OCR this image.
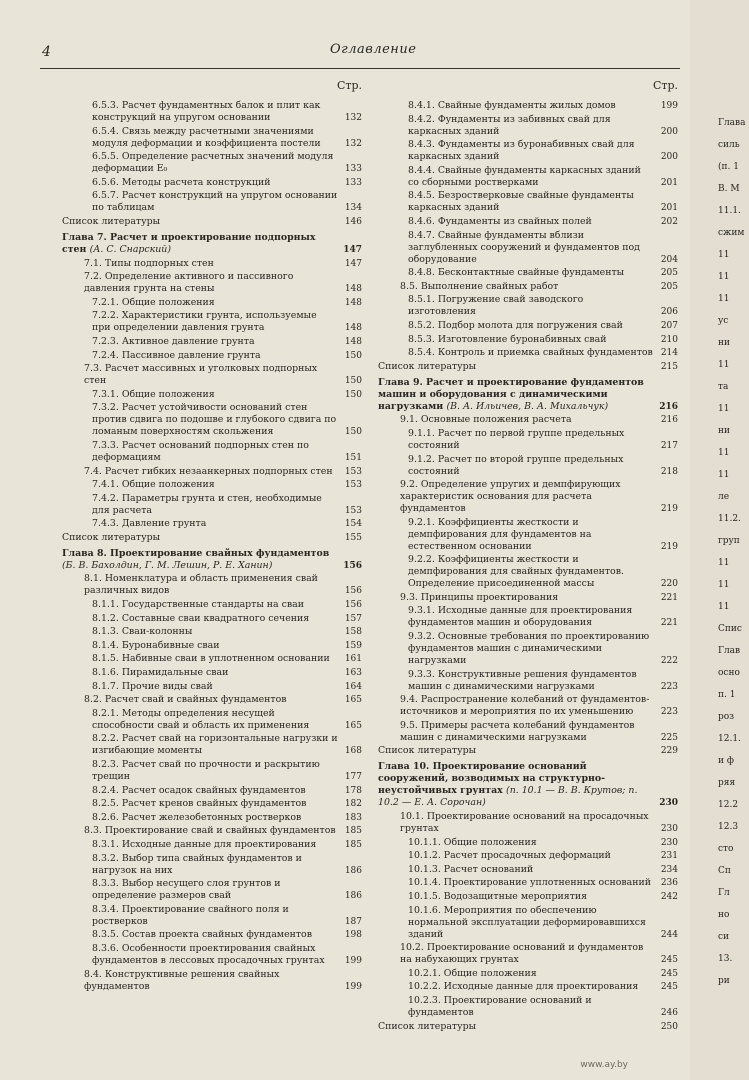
4	Оглавление
Стр.
6.5.3. Расчет фундаментных балок и плит как конструкций на упругом основании	132
6.5.4. Связь между расчетными значениями модуля деформации и коэффициента постели	132
6.5.5. Определение расчетных значений модуля деформации E₀	133
6.5.6. Методы расчета конструкций	133
6.5.7. Расчет конструкций на упругом основании по таблицам	134
Список литературы	146
Глава 7. Расчет и проектирование подпорных стен (А. С. Снарский)	147
7.1. Типы подпорных стен	147
7.2. Определение активного и пассивного давления грунта на стены	148
7.2.1. Общие положения	148
7.2.2. Характеристики грунта, используемые при определении давления грунта	148
7.2.3. Активное давление грунта	148
7.2.4. Пассивное давление грунта	150
7.3. Расчет массивных и уголковых подпорных стен	150
7.3.1. Общие положения	150
7.3.2. Расчет устойчивости оснований стен против сдвига по подошве и глубокого сдвига по ломаным поверхностям скольжения	150
7.3.3. Расчет оснований подпорных стен по деформациям	151
7.4. Расчет гибких незаанкерных подпорных стен	153
7.4.1. Общие положения	153
7.4.2. Параметры грунта и стен, необходимые для расчета	153
7.4.3. Давление грунта	154
Список литературы	155
Глава 8. Проектирование свайных фундаментов (Б. В. Бахолдин, Г. М. Лешин, Р. Е. Ханин)	156
8.1. Номенклатура и область применения свай различных видов	156
8.1.1. Государственные стандарты на сваи	156
8.1.2. Составные сваи квадратного сечения	157
8.1.3. Сваи-колонны	158
8.1.4. Буронабивные сваи	159
8.1.5. Набивные сваи в уплотненном основании	161
8.1.6. Пирамидальные сваи	163
8.1.7. Прочие виды свай	164
8.2. Расчет свай и свайных фундаментов	165
8.2.1. Методы определения несущей способности свай и область их применения	165
8.2.2. Расчет свай на горизонтальные нагрузки и изгибающие моменты	168
8.2.3. Расчет свай по прочности и раскрытию трещин	177
8.2.4. Расчет осадок свайных фундаментов	178
8.2.5. Расчет кренов свайных фундаментов	182
8.2.6. Расчет железобетонных ростверков	183
8.3. Проектирование свай и свайных фундаментов 185
8.3.1. Исходные данные для проектирования	185
8.3.2. Выбор типа свайных фундаментов и нагрузок на них	186
8.3.3. Выбор несущего слоя грунтов и определение размеров свай	186
8.3.4. Проектирование свайного поля и ростверков	187
8.3.5. Состав проекта свайных фундаментов	198
8.3.6. Особенности проектирования свайных фундаментов в лессовых просадочных грунтах	199
8.4. Конструктивные решения свайных фундаментов	199
Стр.
8.4.1. Свайные фундаменты жилых домов	199
8.4.2. Фундаменты из забивных свай для каркасных зданий	200
8.4.3. Фундаменты из буронабивных свай для каркасных зданий	200
8.4.4. Свайные фундаменты каркасных зданий со сборными ростверками	201
8.4.5. Безростверковые свайные фундаменты каркасных зданий	201
8.4.6. Фундаменты из свайных полей	202
8.4.7. Свайные фундаменты вблизи заглубленных сооружений и фундаментов под оборудование	204
8.4.8. Бесконтактные свайные фундаменты	205
8.5. Выполнение свайных работ	205
8.5.1. Погружение свай заводского изготовления	206
8.5.2. Подбор молота для погружения свай	207
8.5.3. Изготовление буронабивных свай	210
8.5.4. Контроль и приемка свайных фундаментов 214
Список литературы	215
Глава 9. Расчет и проектирование фундаментов машин и оборудования с динамическими нагрузками (В. А. Ильичев, В. А. Михальчук)	216
9.1. Основные положения расчета	216
9.1.1. Расчет по первой группе предельных состояний	217
9.1.2. Расчет по второй группе предельных состояний	218
9.2. Определение упругих и демпфирующих характеристик основания для расчета фундаментов	219
9.2.1. Коэффициенты жесткости и демпфирования для фундаментов на естественном основании	219
9.2.2. Коэффициенты жесткости и демпфирования для свайных фундаментов. Определение присоединенной массы	220
9.3. Принципы проектирования	221
9.3.1. Исходные данные для проектирования фундаментов машин и оборудования	221
9.3.2. Основные требования по проектированию фундаментов машин с динамическими нагрузками	222
9.3.3. Конструктивные решения фундаментов машин с динамическими нагрузками	223
9.4. Распространение колебаний от фундаментов-источников и мероприятия по их уменьшению	223
9.5. Примеры расчета колебаний фундаментов машин с динамическими нагрузками	225
Список литературы	229
Глава 10. Проектирование оснований сооружений, возводимых на структурно-неустойчивых грунтах (п. 10.1 — В. В. Крутов; п. 10.2 — Е. А. Сорочан)	230
10.1. Проектирование оснований на просадочных грунтах	230
10.1.1. Общие положения	230
10.1.2. Расчет просадочных деформаций	231
10.1.3. Расчет оснований	234
10.1.4. Проектирование уплотненных оснований	236
10.1.5. Водозащитные мероприятия	242
10.1.6. Мероприятия по обеспечению нормальной эксплуатации деформировавшихся зданий	244
10.2. Проектирование оснований и фундаментов на набухающих грунтах	245
10.2.1. Общие положения	245
10.2.2. Исходные данные для проектирования	245
10.2.3. Проектирование оснований и фундаментов	246
Список литературы	250
www.ay.by
Глава
силь
(п. 1
В. М
11.1.
сжим
11
11
11
ус
ни
11
та
11
ни
11
11
ле
11.2.
груп
11
11
11
Спис
Глав
осно
п. 1
роз
12.1.
и ф
ряя
12.2
12.3
сто
Сп
Гл
но
си
13.
ри
